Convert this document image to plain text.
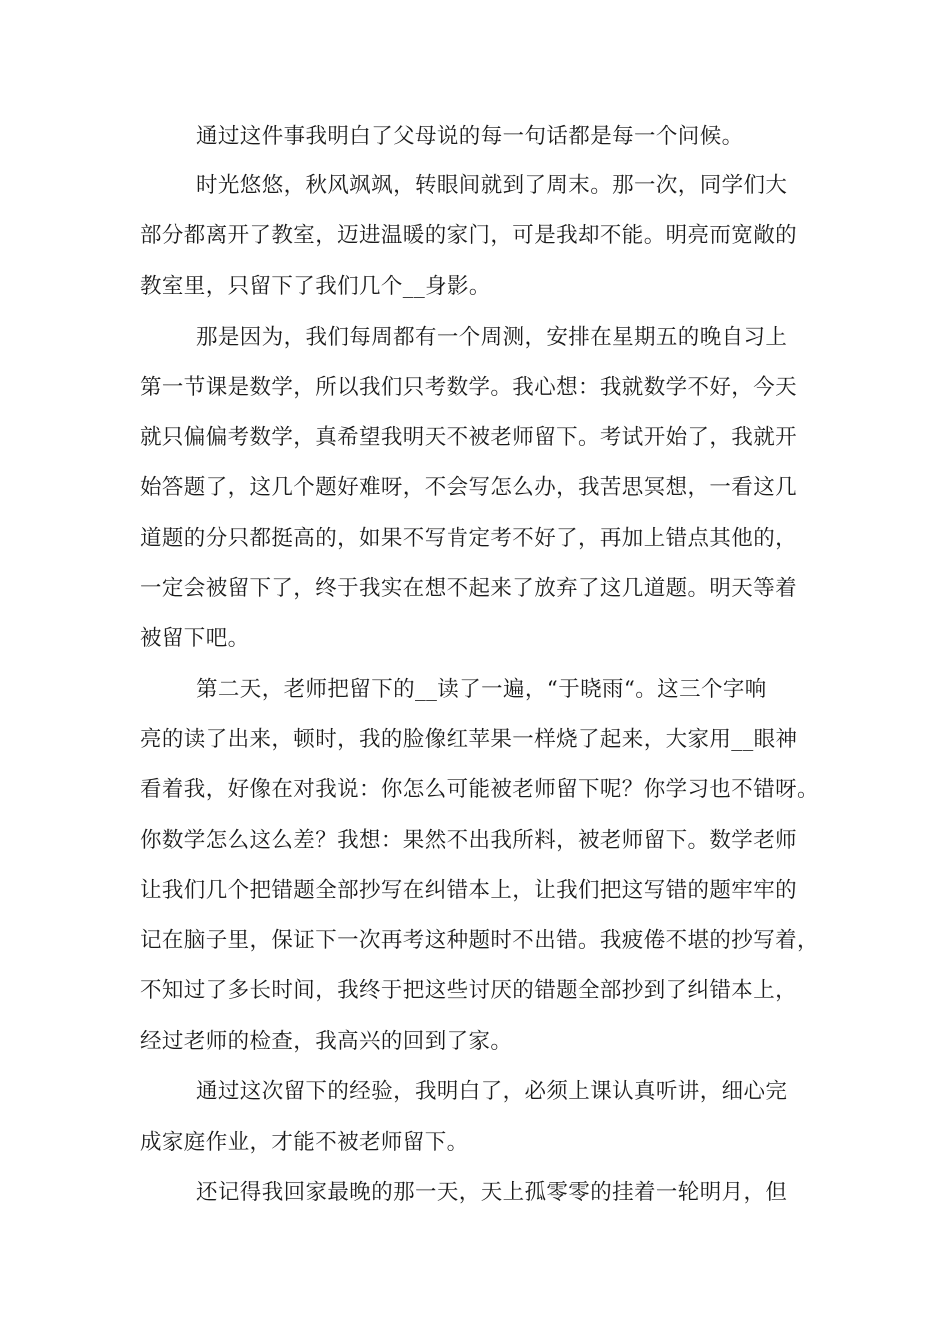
通过这件事我明白了父母说的每一句话都是每一个问候。
时光悠悠，秋风飒飒，转眼间就到了周末。那一次，同学们大
部分都离开了教室，迈进温暖的家门，可是我却不能。明亮而宽敞的
教室里，只留下了我们几个__身影。
那是因为，我们每周都有一个周测，安排在星期五的晚自习上
第一节课是数学，所以我们只考数学。我心想：我就数学不好，今天
就只偏偏考数学，真希望我明天不被老师留下。考试开始了，我就开
始答题了，这几个题好难呀，不会写怎么办，我苦思冥想，一看这几
道题的分只都挺高的，如果不写肯定考不好了，再加上错点其他的，
一定会被留下了，终于我实在想不起来了放弃了这几道题。明天等着
被留下吧。
第二天，老师把留下的__读了一遍，“于晓雨“。这三个字响
亮的读了出来，顿时，我的脸像红苹果一样烧了起来，大家用__眼神
看着我，好像在对我说：你怎么可能被老师留下呢？你学习也不错呀。
你数学怎么这么差？我想：果然不出我所料，被老师留下。数学老师
让我们几个把错题全部抄写在纠错本上，让我们把这写错的题牢牢的
记在脑子里，保证下一次再考这种题时不出错。我疲倦不堪的抄写着，
不知过了多长时间，我终于把这些讨厌的错题全部抄到了纠错本上，
经过老师的检查，我高兴的回到了家。
通过这次留下的经验，我明白了，必须上课认真听讲，细心完
成家庭作业，才能不被老师留下。
还记得我回家最晚的那一天，天上孤零零的挂着一轮明月，但
